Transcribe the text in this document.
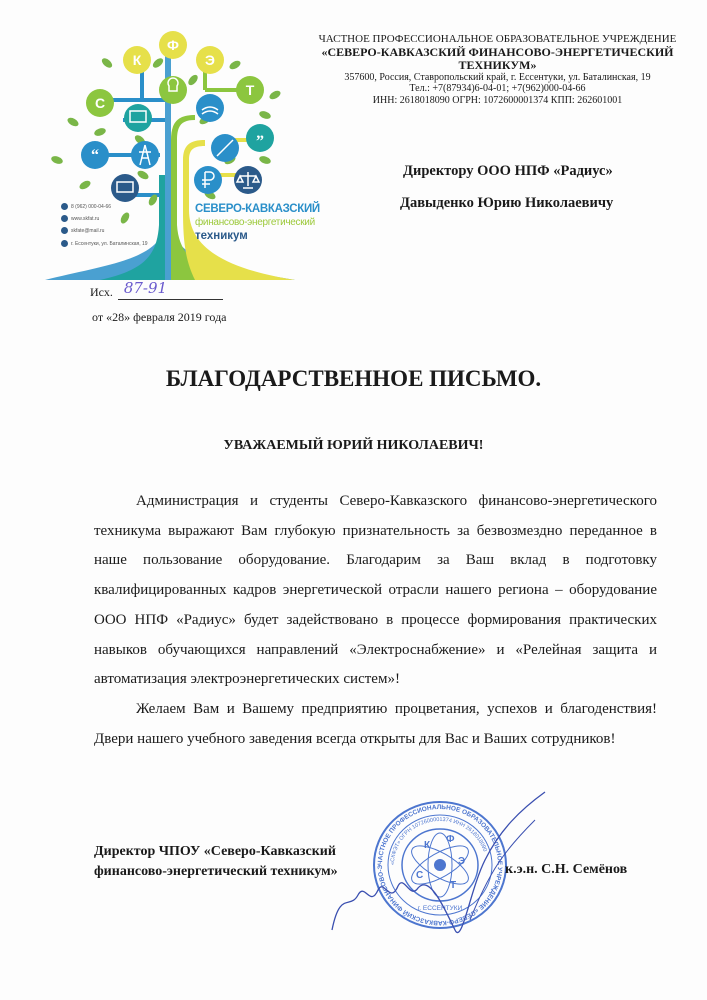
“
”
С
К
Ф
Э
Т
СЕВЕРО-КАВКАЗСКИЙ
финансово-энергетический
техникум
8 (962) 000-04-66
www.skfat.ru
skfate@mail.ru
г. Ессентуки, ул. Баталинская, 19
ЧАСТНОЕ ПРОФЕССИОНАЛЬНОЕ ОБРАЗОВАТЕЛЬНОЕ УЧРЕЖДЕНИЕ
«СЕВЕРО-КАВКАЗСКИЙ ФИНАНСОВО-ЭНЕРГЕТИЧЕСКИЙ
ТЕХНИКУМ»
357600, Россия, Ставропольский край, г. Ессентуки, ул. Баталинская, 19
Тел.: +7(87934)6-04-01; +7(962)000-04-66
ИНН: 2618018090 ОГРН: 1072600001374 КПП: 262601001
Директору ООО НПФ «Радиус»
Давыденко Юрию Николаевичу
Исх. 87-91
от «28» февраля 2019 года
БЛАГОДАРСТВЕННОЕ ПИСЬМО.
УВАЖАЕМЫЙ ЮРИЙ НИКОЛАЕВИЧ!

Администрация и студенты Северо-Кавказского финансово-энергетического техникума выражают Вам глубокую признательность за безвозмездно переданное в наше пользование оборудование. Благодарим за Ваш вклад в подготовку квалифицированных кадров энергетической отрасли нашего региона – оборудование ООО НПФ «Радиус» будет задействовано в процессе формирования практических навыков обучающихся направлений «Электроснабжение» и «Релейная защита и автоматизация электроэнергетических систем»!

Желаем Вам и Вашему предприятию процветания, успехов и благоденствия! Двери нашего учебного заведения всегда открыты для Вас и Ваших сотрудников!

ЧАСТНОЕ ПРОФЕССИОНАЛЬНОЕ ОБРАЗОВАТЕЛЬНОЕ УЧРЕЖДЕНИЕ «СЕВЕРО-КАВКАЗСКИЙ ФИНАНСОВО-Э
«СКФЭТ» ОГРН 1072600001374 ИНН 2618018090
г. ЕССЕНТУКИ
К
Ф
Э
С
Т
Директор ЧПОУ «Северо-Кавказский
финансово-энергетический техникум»	к.э.н. С.Н. Семёнов
